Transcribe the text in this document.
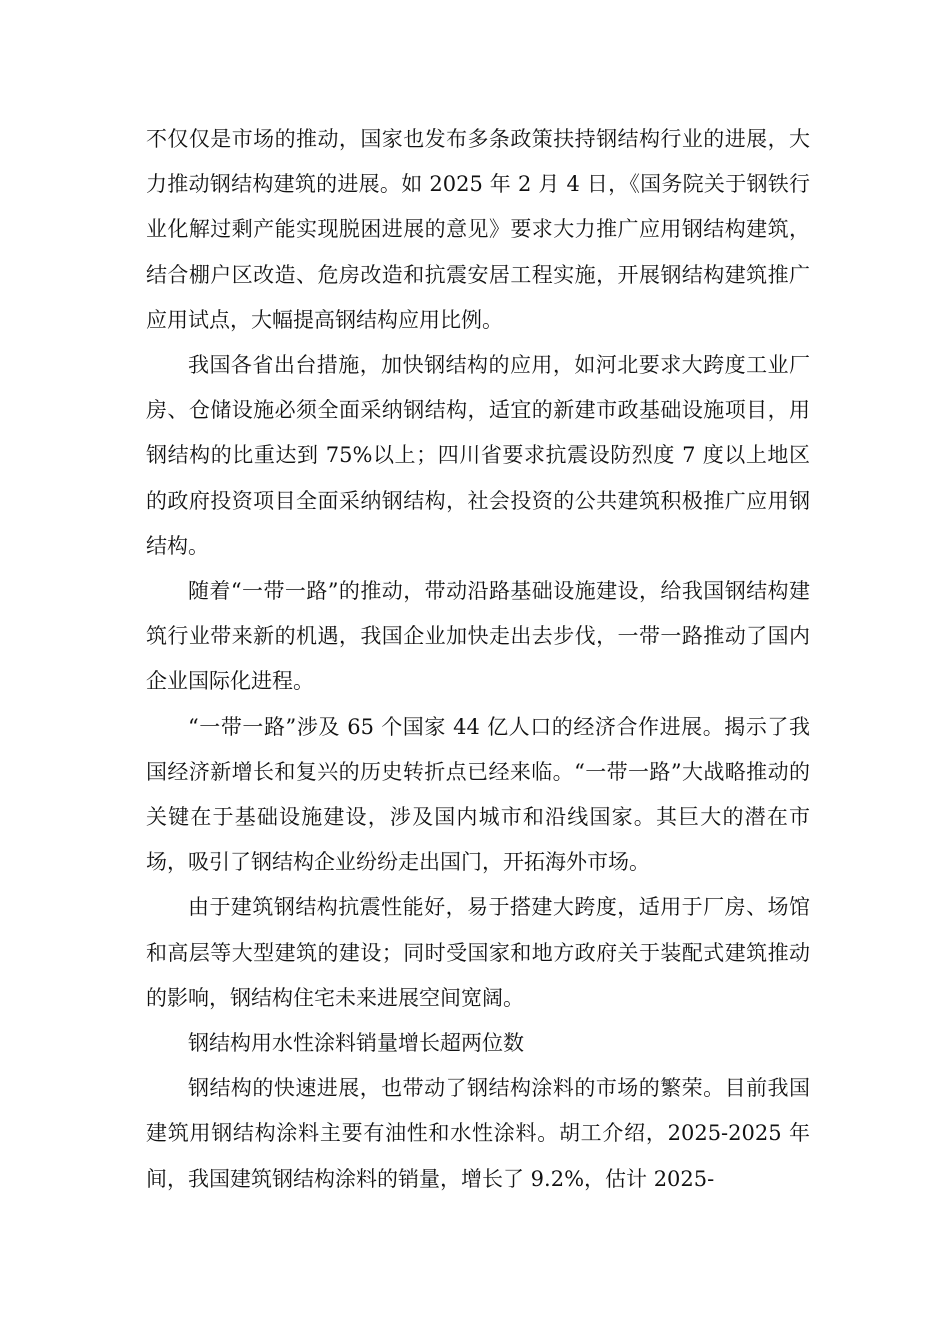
不仅仅是市场的推动，国家也发布多条政策扶持钢结构行业的进展，大力推动钢结构建筑的进展。如 2025 年 2 月 4 日，《国务院关于钢铁行业化解过剩产能实现脱困进展的意见》要求大力推广应用钢结构建筑，结合棚户区改造、危房改造和抗震安居工程实施，开展钢结构建筑推广应用试点，大幅提高钢结构应用比例。

我国各省出台措施，加快钢结构的应用，如河北要求大跨度工业厂房、仓储设施必须全面采纳钢结构，适宜的新建市政基础设施项目，用钢结构的比重达到 75%以上；四川省要求抗震设防烈度 7 度以上地区的政府投资项目全面采纳钢结构，社会投资的公共建筑积极推广应用钢结构。

随着“一带一路”的推动，带动沿路基础设施建设，给我国钢结构建筑行业带来新的机遇，我国企业加快走出去步伐，一带一路推动了国内企业国际化进程。

“一带一路”涉及 65 个国家 44 亿人口的经济合作进展。揭示了我国经济新增长和复兴的历史转折点已经来临。“一带一路”大战略推动的关键在于基础设施建设，涉及国内城市和沿线国家。其巨大的潜在市场，吸引了钢结构企业纷纷走出国门，开拓海外市场。

由于建筑钢结构抗震性能好，易于搭建大跨度，适用于厂房、场馆和高层等大型建筑的建设；同时受国家和地方政府关于装配式建筑推动的影响，钢结构住宅未来进展空间宽阔。

钢结构用水性涂料销量增长超两位数

钢结构的快速进展，也带动了钢结构涂料的市场的繁荣。目前我国建筑用钢结构涂料主要有油性和水性涂料。胡工介绍，2025-2025 年间，我国建筑钢结构涂料的销量，增长了 9.2%，估计 2025-
